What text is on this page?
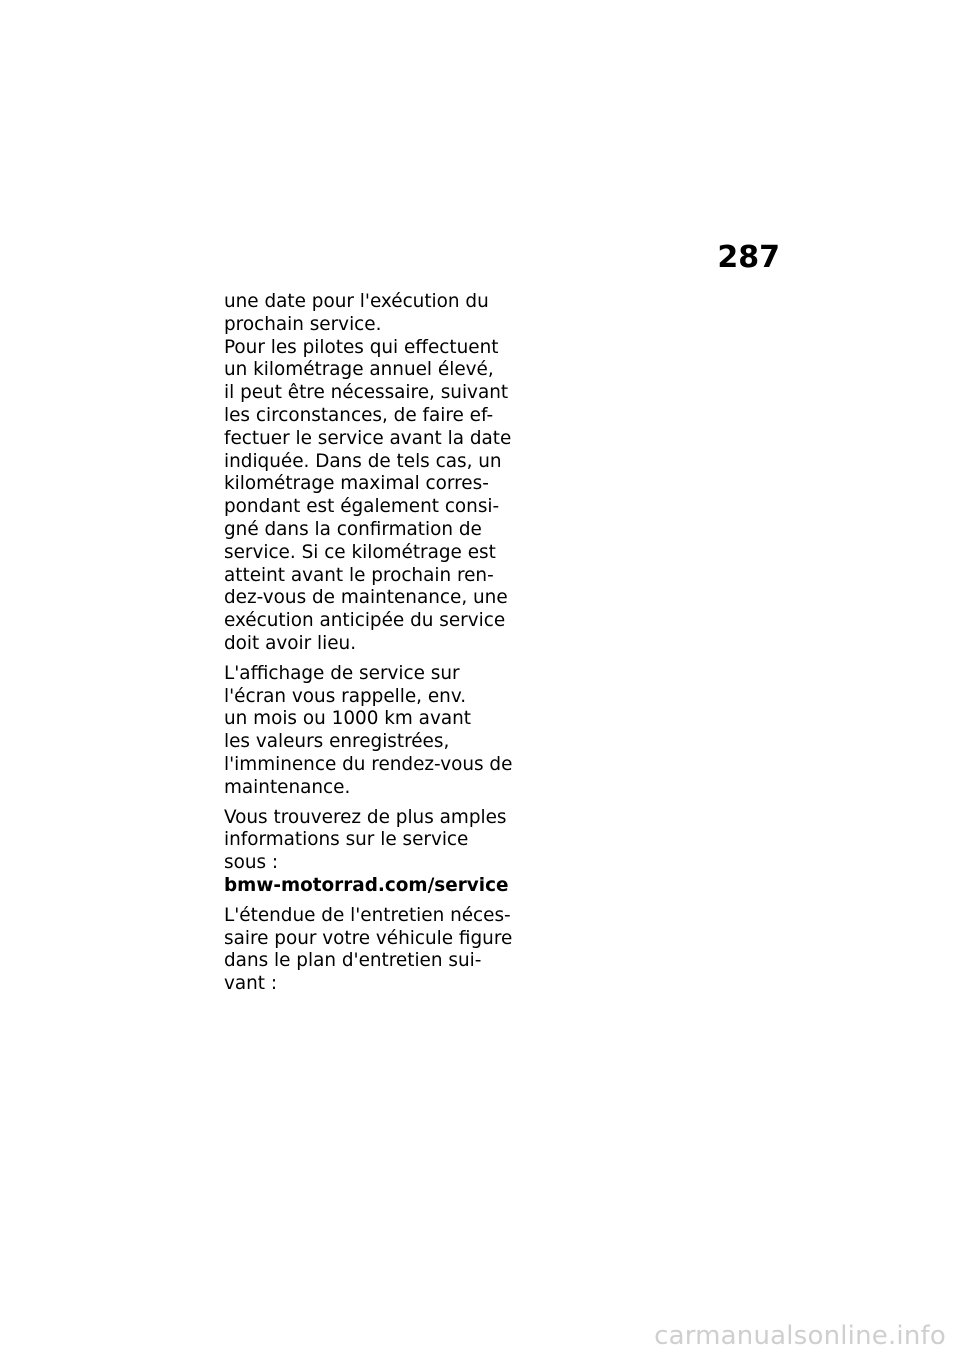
287

une date pour l'exécution du
prochain service.
Pour les pilotes qui effectuent
un kilométrage annuel élevé,
il peut être nécessaire, suivant
les circonstances, de faire ef-
fectuer le service avant la date
indiquée. Dans de tels cas, un
kilométrage maximal corres-
pondant est également consi-
gné dans la confirmation de
service. Si ce kilométrage est
atteint avant le prochain ren-
dez-vous de maintenance, une
exécution anticipée du service
doit avoir lieu.

L'affichage de service sur
l'écran vous rappelle, env.
un mois ou 1000 km avant
les valeurs enregistrées,
l'imminence du rendez-vous de
maintenance.

Vous trouverez de plus amples
informations sur le service
sous :
bmw-motorrad.com/service

L'étendue de l'entretien néces-
saire pour votre véhicule figure
dans le plan d'entretien sui-
vant :

carmanualsonline.info
